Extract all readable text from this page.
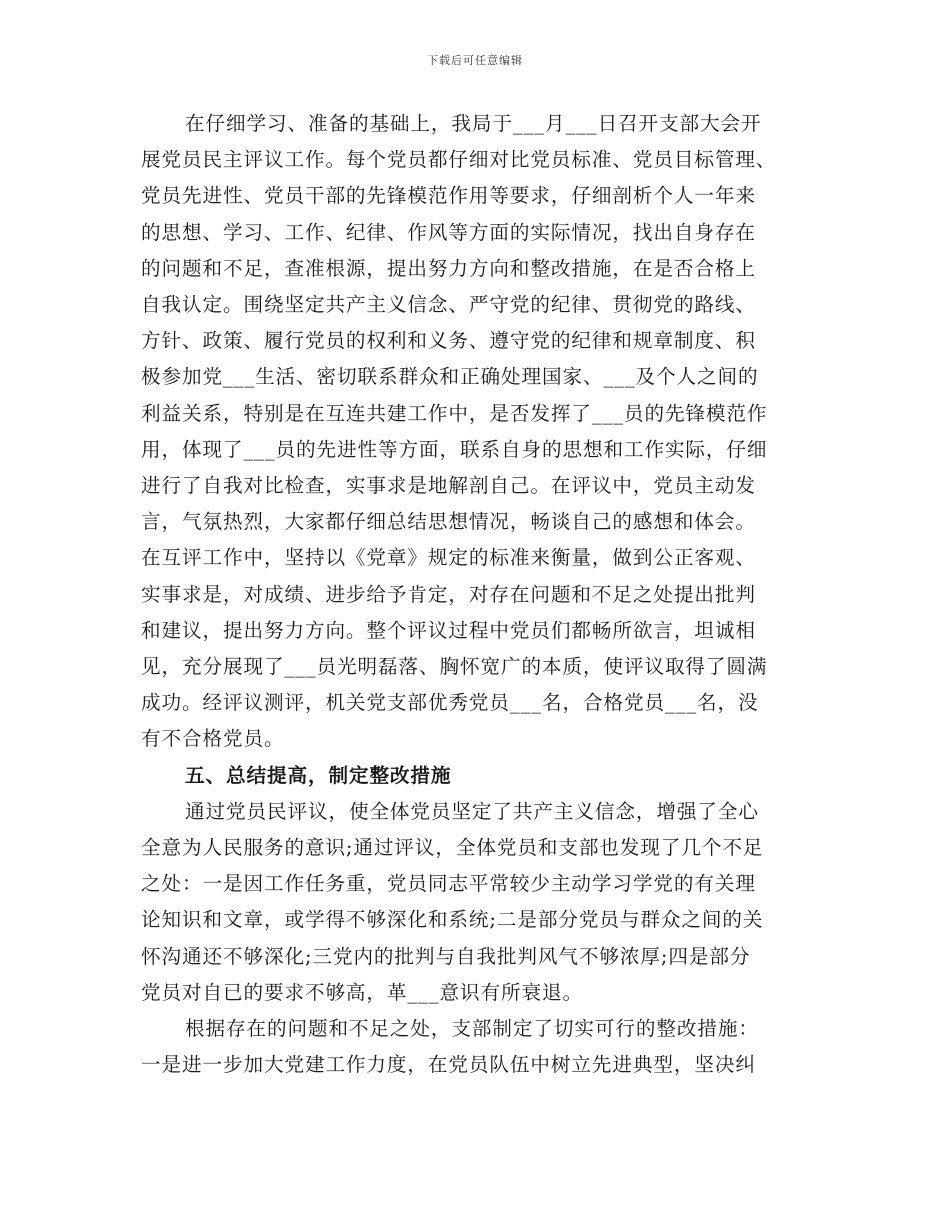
下载后可任意编辑
在仔细学习、准备的基础上，我局于___月___日召开支部大会开
展党员民主评议工作。每个党员都仔细对比党员标准、党员目标管理、
党员先进性、党员干部的先锋模范作用等要求，仔细剖析个人一年来
的思想、学习、工作、纪律、作风等方面的实际情况，找出自身存在
的问题和不足，查准根源，提出努力方向和整改措施，在是否合格上
自我认定。围绕坚定共产主义信念、严守党的纪律、贯彻党的路线、
方针、政策、履行党员的权利和义务、遵守党的纪律和规章制度、积
极参加党___生活、密切联系群众和正确处理国家、___及个人之间的
利益关系，特别是在互连共建工作中，是否发挥了___员的先锋模范作
用，体现了___员的先进性等方面，联系自身的思想和工作实际，仔细
进行了自我对比检查，实事求是地解剖自己。在评议中，党员主动发
言，气氛热烈，大家都仔细总结思想情况，畅谈自己的感想和体会。
在互评工作中，坚持以《党章》规定的标准来衡量，做到公正客观、
实事求是，对成绩、进步给予肯定，对存在问题和不足之处提出批判
和建议，提出努力方向。整个评议过程中党员们都畅所欲言，坦诚相
见，充分展现了___员光明磊落、胸怀宽广的本质，使评议取得了圆满
成功。经评议测评，机关党支部优秀党员___名，合格党员___名，没
有不合格党员。
五、总结提高，制定整改措施
通过党员民评议，使全体党员坚定了共产主义信念，增强了全心
全意为人民服务的意识;通过评议，全体党员和支部也发现了几个不足
之处：一是因工作任务重，党员同志平常较少主动学习学党的有关理
论知识和文章，或学得不够深化和系统;二是部分党员与群众之间的关
怀沟通还不够深化;三党内的批判与自我批判风气不够浓厚;四是部分
党员对自已的要求不够高，革___意识有所衰退。
根据存在的问题和不足之处，支部制定了切实可行的整改措施：
一是进一步加大党建工作力度，在党员队伍中树立先进典型，坚决纠
